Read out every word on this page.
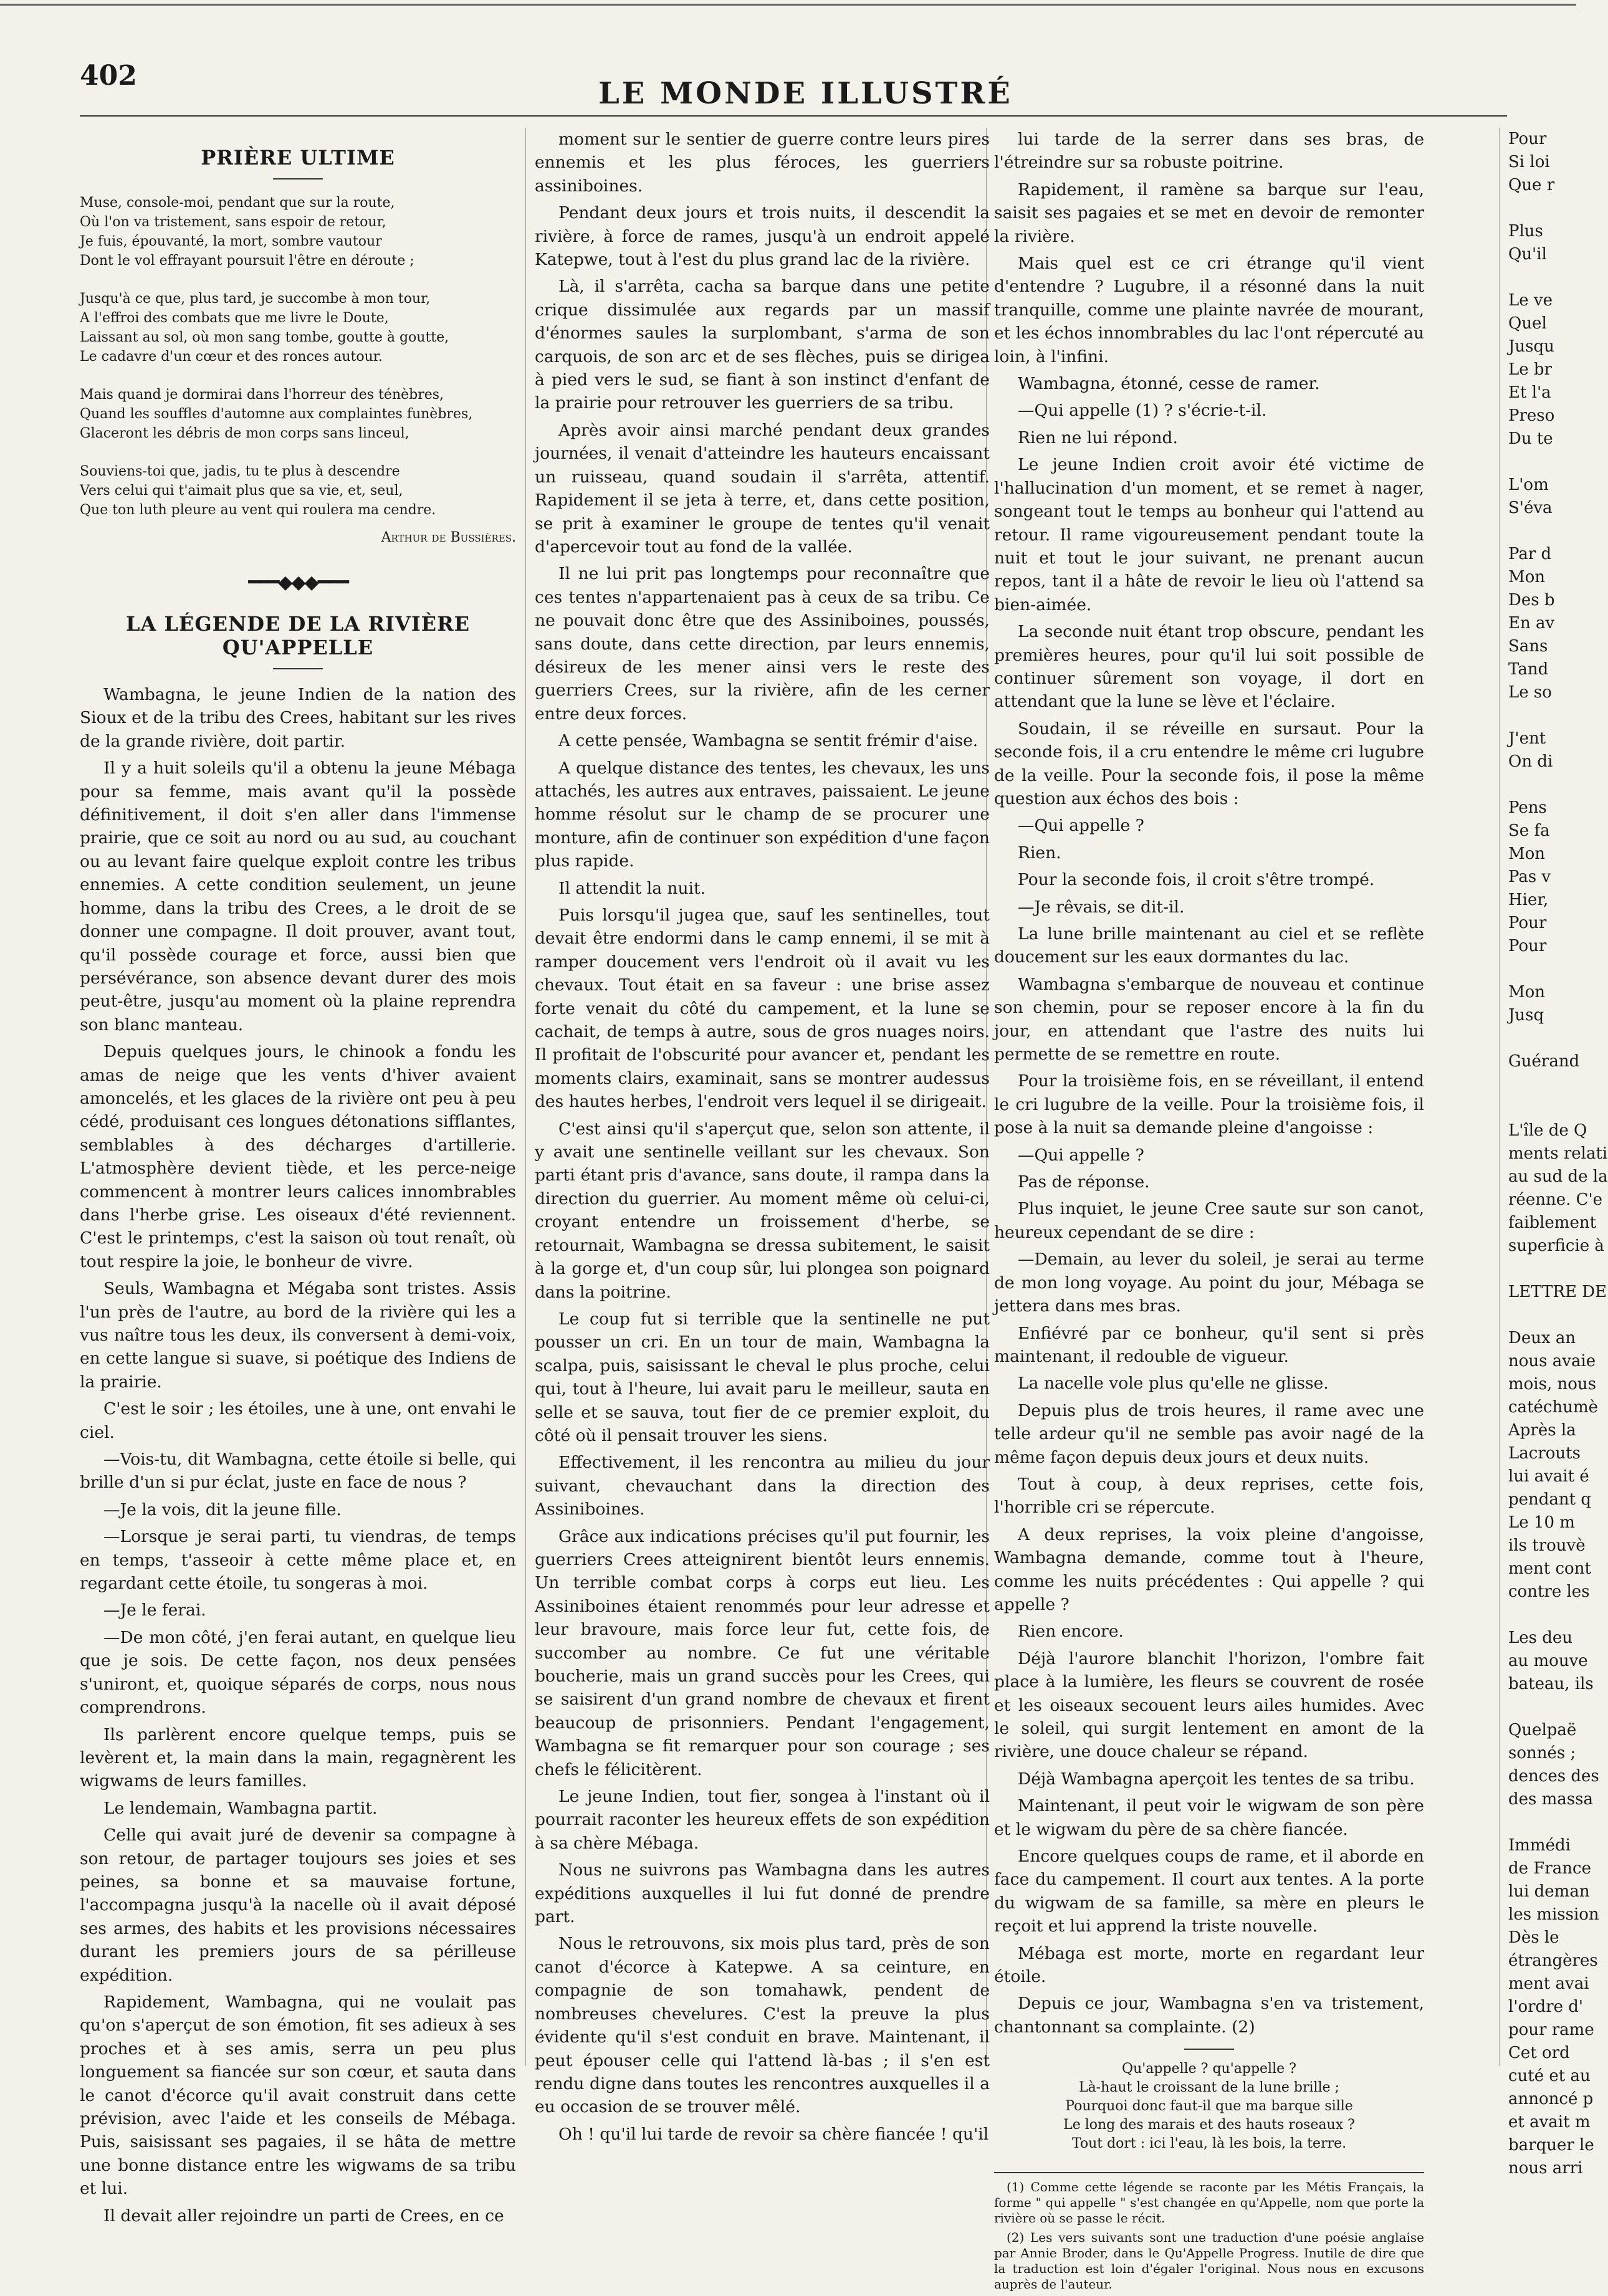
402
LE MONDE ILLUSTRÉ
PRIÈRE ULTIME
Muse, console-moi, pendant que sur la route,
Où l'on va tristement, sans espoir de retour,
Je fuis, épouvanté, la mort, sombre vautour
Dont le vol effrayant poursuit l'être en déroute ;
Jusqu'à ce que, plus tard, je succombe à mon tour,
A l'effroi des combats que me livre le Doute,
Laissant au sol, où mon sang tombe, goutte à goutte,
Le cadavre d'un cœur et des ronces autour.
Mais quand je dormirai dans l'horreur des ténèbres,
Quand les souffles d'automne aux complaintes funèbres,
Glaceront les débris de mon corps sans linceul,
Souviens-toi que, jadis, tu te plus à descendre
Vers celui qui t'aimait plus que sa vie, et, seul,
Que ton luth pleure au vent qui roulera ma cendre.
Arthur de Bussières.
━━━◆◆◆━━━
LA LÉGENDE DE LA RIVIÈRE QU'APPELLE

Wambagna, le jeune Indien de la nation des Sioux et de la tribu des Crees, habitant sur les rives de la grande rivière, doit partir.

Il y a huit soleils qu'il a obtenu la jeune Mébaga pour sa femme, mais avant qu'il la possède définitivement, il doit s'en aller dans l'immense prairie, que ce soit au nord ou au sud, au couchant ou au levant faire quelque exploit contre les tribus ennemies. A cette condition seulement, un jeune homme, dans la tribu des Crees, a le droit de se donner une compagne. Il doit prouver, avant tout, qu'il possède courage et force, aussi bien que persévérance, son absence devant durer des mois peut-être, jusqu'au moment où la plaine reprendra son blanc manteau.

Depuis quelques jours, le chinook a fondu les amas de neige que les vents d'hiver avaient amoncelés, et les glaces de la rivière ont peu à peu cédé, produisant ces longues détonations sifflantes, semblables à des décharges d'artillerie. L'atmosphère devient tiède, et les perce-neige commencent à montrer leurs calices innombrables dans l'herbe grise. Les oiseaux d'été reviennent. C'est le printemps, c'est la saison où tout renaît, où tout respire la joie, le bonheur de vivre.

Seuls, Wambagna et Mégaba sont tristes. Assis l'un près de l'autre, au bord de la rivière qui les a vus naître tous les deux, ils conversent à demi-voix, en cette langue si suave, si poétique des Indiens de la prairie.

C'est le soir ; les étoiles, une à une, ont envahi le ciel.

—Vois-tu, dit Wambagna, cette étoile si belle, qui brille d'un si pur éclat, juste en face de nous ?

—Je la vois, dit la jeune fille.

—Lorsque je serai parti, tu viendras, de temps en temps, t'asseoir à cette même place et, en regardant cette étoile, tu songeras à moi.

—Je le ferai.

—De mon côté, j'en ferai autant, en quelque lieu que je sois. De cette façon, nos deux pensées s'uniront, et, quoique séparés de corps, nous nous comprendrons.

Ils parlèrent encore quelque temps, puis se levèrent et, la main dans la main, regagnèrent les wigwams de leurs familles.

Le lendemain, Wambagna partit.

Celle qui avait juré de devenir sa compagne à son retour, de partager toujours ses joies et ses peines, sa bonne et sa mauvaise fortune, l'accompagna jusqu'à la nacelle où il avait déposé ses armes, des habits et les provisions nécessaires durant les premiers jours de sa périlleuse expédition.

Rapidement, Wambagna, qui ne voulait pas qu'on s'aperçut de son émotion, fit ses adieux à ses proches et à ses amis, serra un peu plus longuement sa fiancée sur son cœur, et sauta dans le canot d'écorce qu'il avait construit dans cette prévision, avec l'aide et les conseils de Mébaga. Puis, saisissant ses pagaies, il se hâta de mettre une bonne distance entre les wigwams de sa tribu et lui.

Il devait aller rejoindre un parti de Crees, en ce

moment sur le sentier de guerre contre leurs pires ennemis et les plus féroces, les guerriers assiniboines.

Pendant deux jours et trois nuits, il descendit la rivière, à force de rames, jusqu'à un endroit appelé Katepwe, tout à l'est du plus grand lac de la rivière.

Là, il s'arrêta, cacha sa barque dans une petite crique dissimulée aux regards par un massif d'énormes saules la surplombant, s'arma de son carquois, de son arc et de ses flèches, puis se dirigea à pied vers le sud, se fiant à son instinct d'enfant de la prairie pour retrouver les guerriers de sa tribu.

Après avoir ainsi marché pendant deux grandes journées, il venait d'atteindre les hauteurs encaissant un ruisseau, quand soudain il s'arrêta, attentif. Rapidement il se jeta à terre, et, dans cette position, se prit à examiner le groupe de tentes qu'il venait d'apercevoir tout au fond de la vallée.

Il ne lui prit pas longtemps pour reconnaître que ces tentes n'appartenaient pas à ceux de sa tribu. Ce ne pouvait donc être que des Assiniboines, poussés, sans doute, dans cette direction, par leurs ennemis, désireux de les mener ainsi vers le reste des guerriers Crees, sur la rivière, afin de les cerner entre deux forces.

A cette pensée, Wambagna se sentit frémir d'aise.

A quelque distance des tentes, les chevaux, les uns attachés, les autres aux entraves, paissaient. Le jeune homme résolut sur le champ de se procurer une monture, afin de continuer son expédition d'une façon plus rapide.

Il attendit la nuit.

Puis lorsqu'il jugea que, sauf les sentinelles, tout devait être endormi dans le camp ennemi, il se mit à ramper doucement vers l'endroit où il avait vu les chevaux. Tout était en sa faveur : une brise assez forte venait du côté du campement, et la lune se cachait, de temps à autre, sous de gros nuages noirs. Il profitait de l'obscurité pour avancer et, pendant les moments clairs, examinait, sans se montrer audessus des hautes herbes, l'endroit vers lequel il se dirigeait.

C'est ainsi qu'il s'aperçut que, selon son attente, il y avait une sentinelle veillant sur les chevaux. Son parti étant pris d'avance, sans doute, il rampa dans la direction du guerrier. Au moment même où celui-ci, croyant entendre un froissement d'herbe, se retournait, Wambagna se dressa subitement, le saisit à la gorge et, d'un coup sûr, lui plongea son poignard dans la poitrine.

Le coup fut si terrible que la sentinelle ne put pousser un cri. En un tour de main, Wambagna la scalpa, puis, saisissant le cheval le plus proche, celui qui, tout à l'heure, lui avait paru le meilleur, sauta en selle et se sauva, tout fier de ce premier exploit, du côté où il pensait trouver les siens.

Effectivement, il les rencontra au milieu du jour suivant, chevauchant dans la direction des Assiniboines.

Grâce aux indications précises qu'il put fournir, les guerriers Crees atteignirent bientôt leurs ennemis. Un terrible combat corps à corps eut lieu. Les Assiniboines étaient renommés pour leur adresse et leur bravoure, mais force leur fut, cette fois, de succomber au nombre. Ce fut une véritable boucherie, mais un grand succès pour les Crees, qui se saisirent d'un grand nombre de chevaux et firent beaucoup de prisonniers. Pendant l'engagement, Wambagna se fit remarquer pour son courage ; ses chefs le félicitèrent.

Le jeune Indien, tout fier, songea à l'instant où il pourrait raconter les heureux effets de son expédition à sa chère Mébaga.

Nous ne suivrons pas Wambagna dans les autres expéditions auxquelles il lui fut donné de prendre part.

Nous le retrouvons, six mois plus tard, près de son canot d'écorce à Katepwe. A sa ceinture, en compagnie de son tomahawk, pendent de nombreuses chevelures. C'est la preuve la plus évidente qu'il s'est conduit en brave. Maintenant, il peut épouser celle qui l'attend là-bas ; il s'en est rendu digne dans toutes les rencontres auxquelles il a eu occasion de se trouver mêlé.

Oh ! qu'il lui tarde de revoir sa chère fiancée ! qu'il

lui tarde de la serrer dans ses bras, de l'étreindre sur sa robuste poitrine.

Rapidement, il ramène sa barque sur l'eau, saisit ses pagaies et se met en devoir de remonter la rivière.

Mais quel est ce cri étrange qu'il vient d'entendre ? Lugubre, il a résonné dans la nuit tranquille, comme une plainte navrée de mourant, et les échos innombrables du lac l'ont répercuté au loin, à l'infini.

Wambagna, étonné, cesse de ramer.

—Qui appelle (1) ? s'écrie-t-il.

Rien ne lui répond.

Le jeune Indien croit avoir été victime de l'hallucination d'un moment, et se remet à nager, songeant tout le temps au bonheur qui l'attend au retour. Il rame vigoureusement pendant toute la nuit et tout le jour suivant, ne prenant aucun repos, tant il a hâte de revoir le lieu où l'attend sa bien-aimée.

La seconde nuit étant trop obscure, pendant les premières heures, pour qu'il lui soit possible de continuer sûrement son voyage, il dort en attendant que la lune se lève et l'éclaire.

Soudain, il se réveille en sursaut. Pour la seconde fois, il a cru entendre le même cri lugubre de la veille. Pour la seconde fois, il pose la même question aux échos des bois :

—Qui appelle ?

Rien.

Pour la seconde fois, il croit s'être trompé.

—Je rêvais, se dit-il.

La lune brille maintenant au ciel et se reflète doucement sur les eaux dormantes du lac.

Wambagna s'embarque de nouveau et continue son chemin, pour se reposer encore à la fin du jour, en attendant que l'astre des nuits lui permette de se remettre en route.

Pour la troisième fois, en se réveillant, il entend le cri lugubre de la veille. Pour la troisième fois, il pose à la nuit sa demande pleine d'angoisse :

—Qui appelle ?

Pas de réponse.

Plus inquiet, le jeune Cree saute sur son canot, heureux cependant de se dire :

—Demain, au lever du soleil, je serai au terme de mon long voyage. Au point du jour, Mébaga se jettera dans mes bras.

Enfiévré par ce bonheur, qu'il sent si près maintenant, il redouble de vigueur.

La nacelle vole plus qu'elle ne glisse.

Depuis plus de trois heures, il rame avec une telle ardeur qu'il ne semble pas avoir nagé de la même façon depuis deux jours et deux nuits.

Tout à coup, à deux reprises, cette fois, l'horrible cri se répercute.

A deux reprises, la voix pleine d'angoisse, Wambagna demande, comme tout à l'heure, comme les nuits précédentes : Qui appelle ? qui appelle ?

Rien encore.

Déjà l'aurore blanchit l'horizon, l'ombre fait place à la lumière, les fleurs se couvrent de rosée et les oiseaux secouent leurs ailes humides. Avec le soleil, qui surgit lentement en amont de la rivière, une douce chaleur se répand.

Déjà Wambagna aperçoit les tentes de sa tribu.

Maintenant, il peut voir le wigwam de son père et le wigwam du père de sa chère fiancée.

Encore quelques coups de rame, et il aborde en face du campement. Il court aux tentes. A la porte du wigwam de sa famille, sa mère en pleurs le reçoit et lui apprend la triste nouvelle.

Mébaga est morte, morte en regardant leur étoile.

Depuis ce jour, Wambagna s'en va tristement, chantonnant sa complainte. (2)

Qu'appelle ? qu'appelle ?
Là-haut le croissant de la lune brille ;
Pourquoi donc faut-il que ma barque sille
Le long des marais et des hauts roseaux ?
Tout dort : ici l'eau, là les bois, la terre.

(1) Comme cette légende se raconte par les Métis Français, la forme " qui appelle " s'est changée en qu'Appelle, nom que porte la rivière où se passe le récit.

(2) Les vers suivants sont une traduction d'une poésie anglaise par Annie Broder, dans le Qu'Appelle Progress. Inutile de dire que la traduction est loin d'égaler l'original. Nous nous en excusons auprès de l'auteur.

Pour
Si loi
Que r

Plus
Qu'il

Le ve
Quel
Jusqu
Le br
Et l'a
Preso
Du te

L'om
S'éva

Par d
Mon
Des b
En av
Sans
Tand
Le so

J'ent
On di

Pens
Se fa
Mon
Pas v
Hier,
Pour
Pour

Mon
Jusq

Guérand

L'île de Q
ments relati
au sud de la
réenne. C'e
faiblement
superficie à

LETTRE DE

Deux an
nous avaie
mois, nous
catéchumè
Après la
Lacrouts
lui avait é
pendant q
Le 10 m
ils trouvè
ment cont
contre les

Les deu
au mouve
bateau, ils

Quelpaë
sonnés ;
dences des
des massa

Immédi
de France
lui deman
les mission
Dès le
étrangères
ment avai
l'ordre d'
pour rame
Cet ord
cuté et au
annoncé p
et avait m
barquer le
nous arri
